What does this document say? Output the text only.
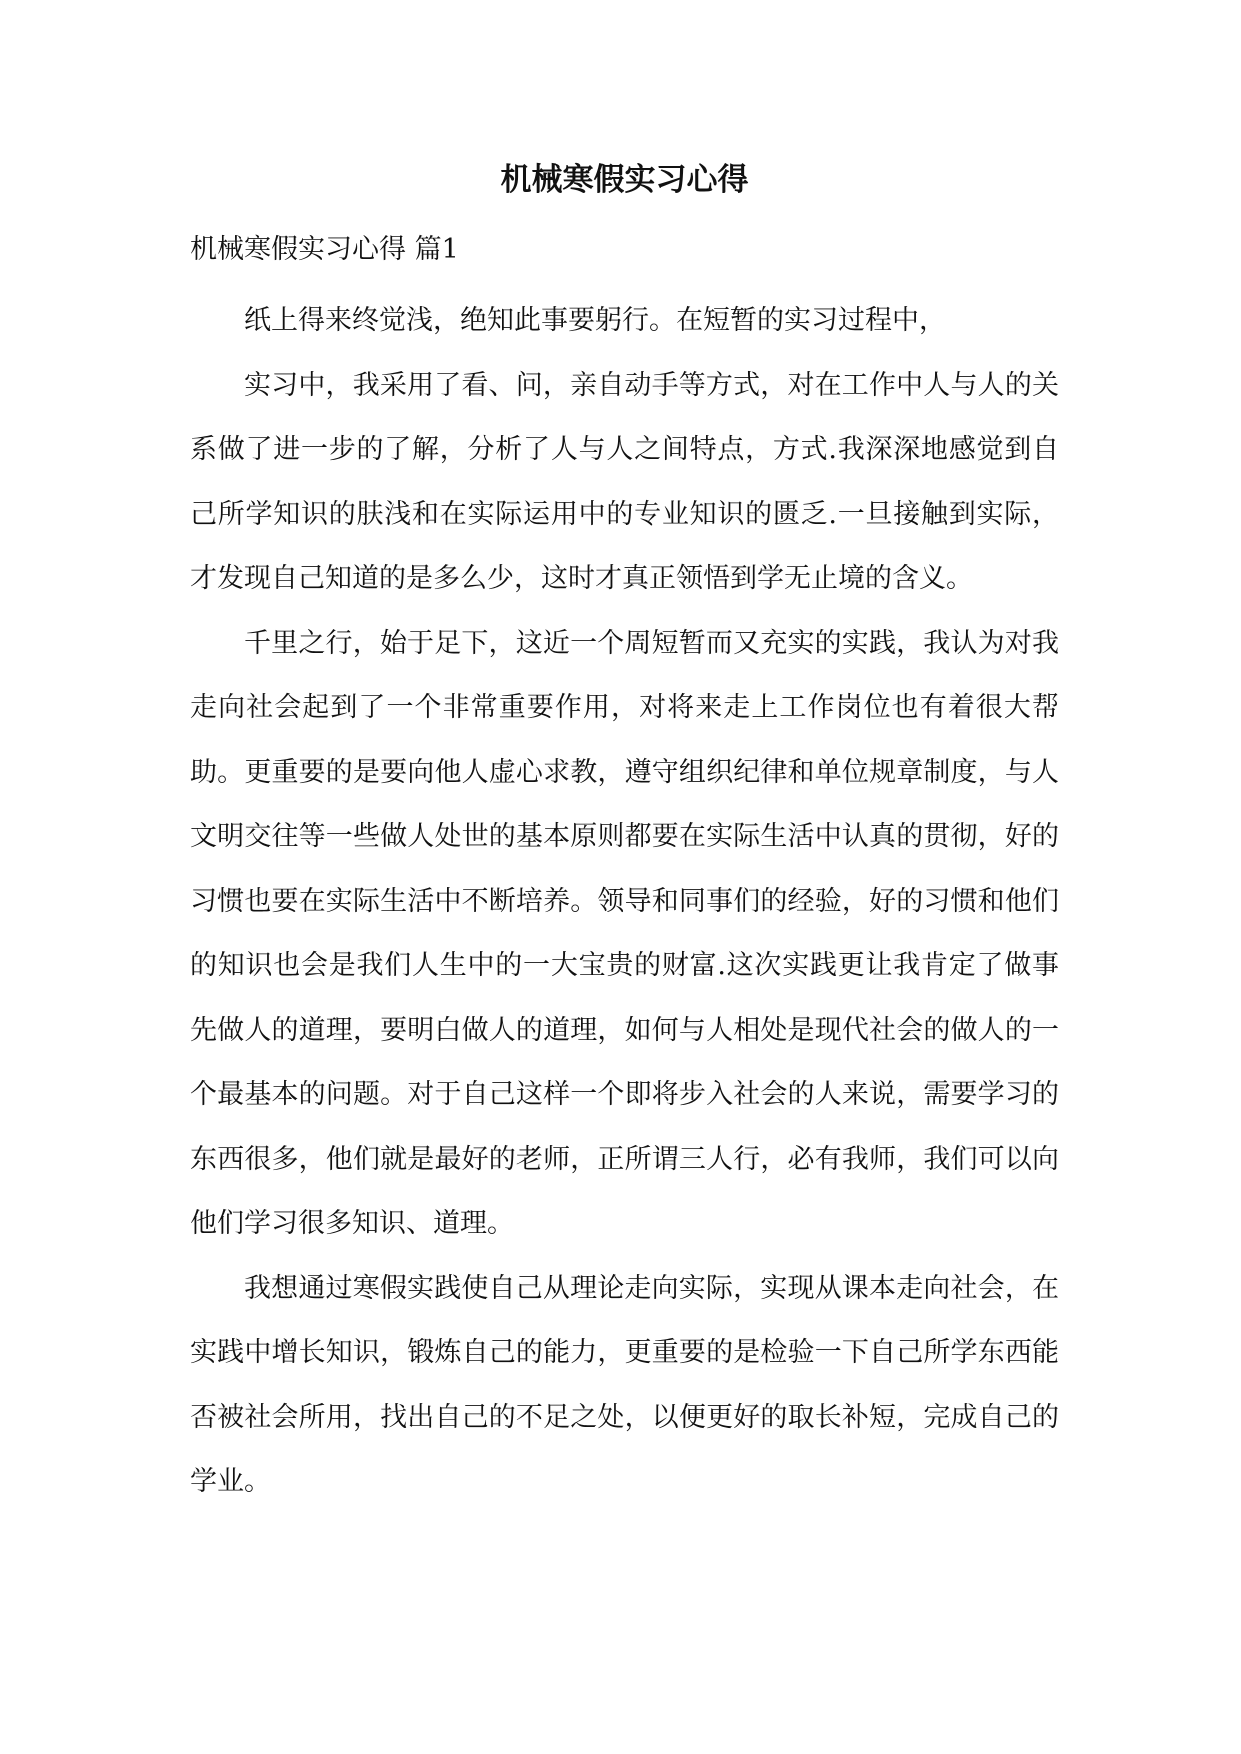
机械寒假实习心得
机械寒假实习心得 篇1

纸上得来终觉浅，绝知此事要躬行。在短暂的实习过程中，

实习中，我采用了看、问，亲自动手等方式，对在工作中人与人的关系做了进一步的了解，分析了人与人之间特点，方式.我深深地感觉到自己所学知识的肤浅和在实际运用中的专业知识的匮乏.一旦接触到实际，才发现自己知道的是多么少，这时才真正领悟到学无止境的含义。

千里之行，始于足下，这近一个周短暂而又充实的实践，我认为对我走向社会起到了一个非常重要作用，对将来走上工作岗位也有着很大帮助。更重要的是要向他人虚心求教，遵守组织纪律和单位规章制度，与人文明交往等一些做人处世的基本原则都要在实际生活中认真的贯彻，好的习惯也要在实际生活中不断培养。领导和同事们的经验，好的习惯和他们的知识也会是我们人生中的一大宝贵的财富.这次实践更让我肯定了做事先做人的道理，要明白做人的道理，如何与人相处是现代社会的做人的一个最基本的问题。对于自己这样一个即将步入社会的人来说，需要学习的东西很多，他们就是最好的老师，正所谓三人行，必有我师，我们可以向他们学习很多知识、道理。

我想通过寒假实践使自己从理论走向实际，实现从课本走向社会，在实践中增长知识，锻炼自己的能力，更重要的是检验一下自己所学东西能否被社会所用，找出自己的不足之处，以便更好的取长补短，完成自己的学业。
